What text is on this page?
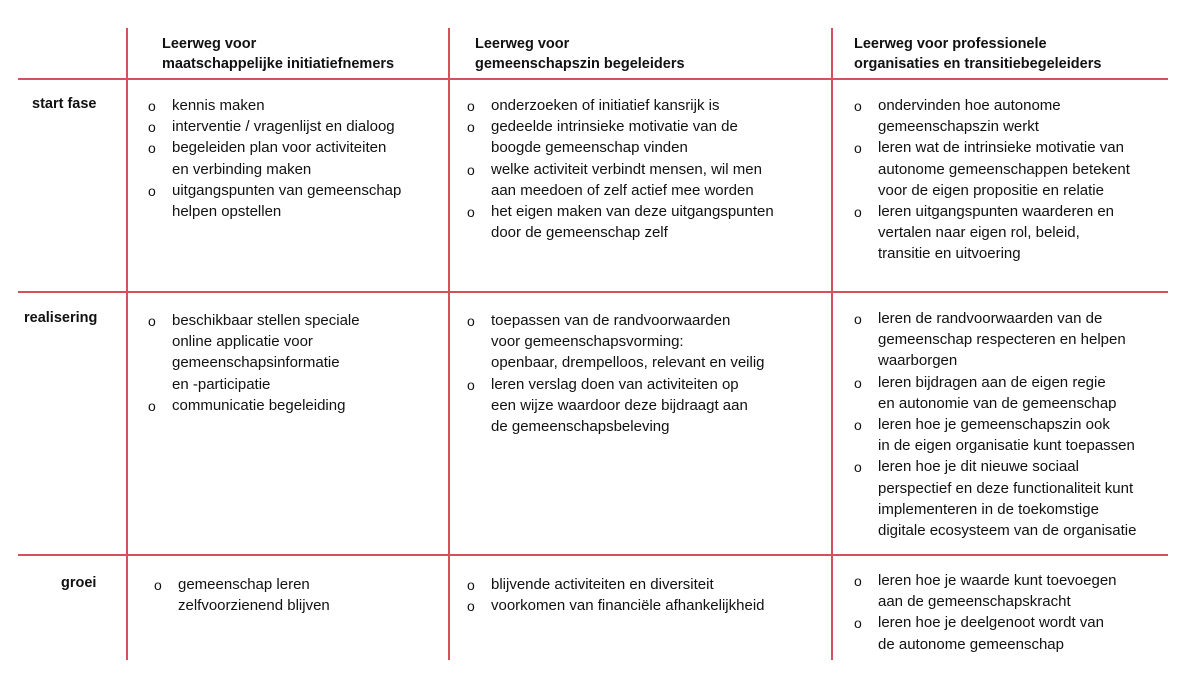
Leerweg voor
maatschappelijke initiatiefnemers
Leerweg voor
gemeenschapszin begeleiders
Leerweg voor professionele
organisaties en transitiebegeleiders
start fase
realisering
groei
o kennis maken
o interventie / vragenlijst en dialoog
o begeleiden plan voor activiteiten
en verbinding maken
o uitgangspunten van gemeenschap
helpen opstellen
o onderzoeken of initiatief kansrijk is
o gedeelde intrinsieke motivatie van de
boogde gemeenschap vinden
o welke activiteit verbindt mensen, wil men
aan meedoen of zelf actief mee worden
o het eigen maken van deze uitgangspunten
door de gemeenschap zelf
o ondervinden hoe autonome
gemeenschapszin werkt
o leren wat de intrinsieke motivatie van
autonome gemeenschappen betekent
voor de eigen propositie en relatie
o leren uitgangspunten waarderen en
vertalen naar eigen rol, beleid,
transitie en uitvoering
o beschikbaar stellen speciale
online applicatie voor
gemeenschapsinformatie
en -participatie
o communicatie begeleiding
o toepassen van de randvoorwaarden
voor gemeenschapsvorming:
openbaar, drempelloos, relevant en veilig
o leren verslag doen van activiteiten op
een wijze waardoor deze bijdraagt aan
de gemeenschapsbeleving
o leren de randvoorwaarden van de
gemeenschap respecteren en helpen
waarborgen
o leren bijdragen aan de eigen regie
en autonomie van de gemeenschap
o leren hoe je gemeenschapszin ook
in de eigen organisatie kunt toepassen
o leren hoe je dit nieuwe sociaal
perspectief en deze functionaliteit kunt
implementeren in de toekomstige
digitale ecosysteem van de organisatie
o gemeenschap leren
zelfvoorzienend blijven
o blijvende activiteiten en diversiteit
o voorkomen van financiële afhankelijkheid
o leren hoe je waarde kunt toevoegen
aan de gemeenschapskracht
o leren hoe je deelgenoot wordt van
de autonome gemeenschap
